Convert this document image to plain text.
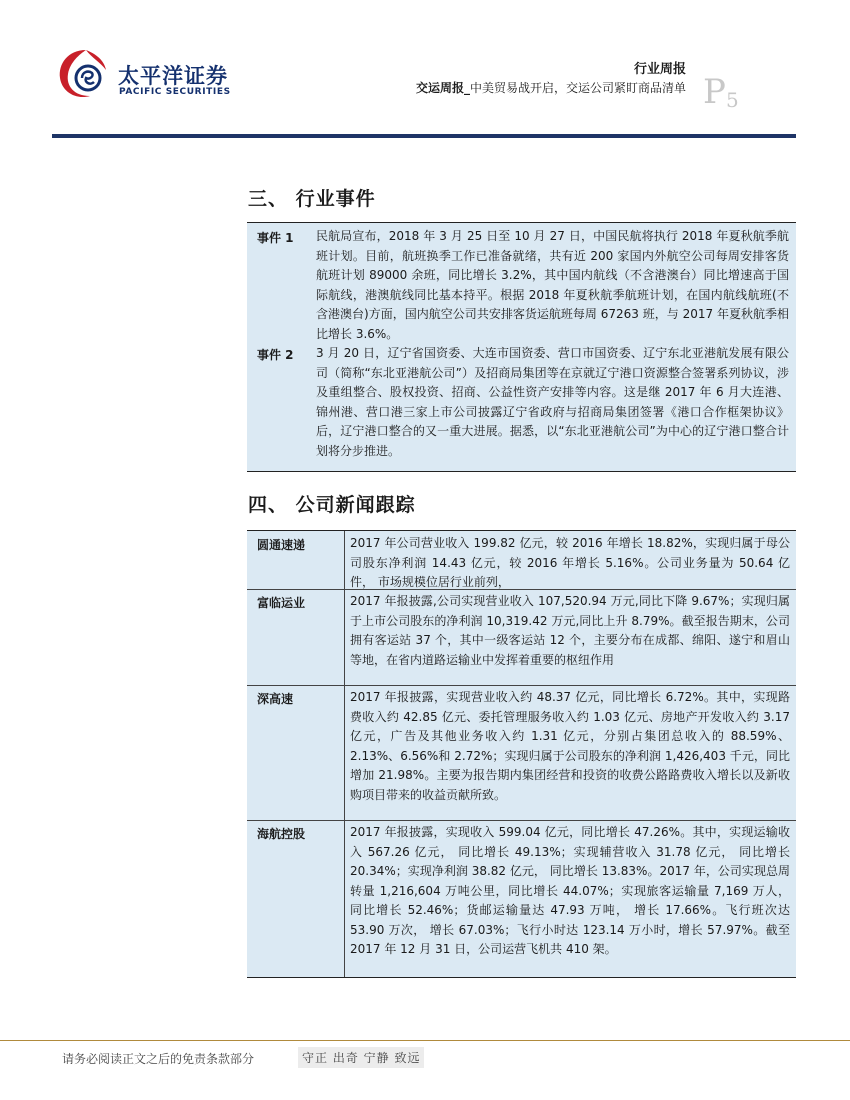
太平洋证券
PACIFIC SECURITIES
行业周报
交运周报_中美贸易战开启，交运公司紧盯商品清单 P 5
三、 行业事件
事件 1 民航局宣布，2018 年 3 月 25 日至 10 月 27 日，中国民航将执行 2018 年夏秋航季航班计划。目前，航班换季工作已准备就绪，共有近 200 家国内外航空公司每周安排客货航班计划 89000 余班，同比增长 3.2%，其中国内航线（不含港澳台）同比增速高于国际航线，港澳航线同比基本持平。根据 2018 年夏秋航季航班计划，在国内航线航班(不含港澳台)方面，国内航空公司共安排客货运航班每周 67263 班，与 2017 年夏秋航季相比增长 3.6%。
事件 2 3 月 20 日，辽宁省国资委、大连市国资委、营口市国资委、辽宁东北亚港航发展有限公司（简称“东北亚港航公司”）及招商局集团等在京就辽宁港口资源整合签署系列协议，涉及重组整合、股权投资、招商、公益性资产安排等内容。这是继 2017 年 6 月大连港、锦州港、营口港三家上市公司披露辽宁省政府与招商局集团签署《港口合作框架协议》后，辽宁港口整合的又一重大进展。据悉，以“东北亚港航公司”为中心的辽宁港口整合计划将分步推进。
四、 公司新闻跟踪
圆通速递	2017 年公司营业收入 199.82 亿元，较 2016 年增长 18.82%，实现归属于母公司股东净利润 14.43 亿元，较 2016 年增长 5.16%。公司业务量为 50.64 亿件， 市场规模位居行业前列，
富临运业	2017 年报披露,公司实现营业收入 107,520.94 万元,同比下降 9.67%；实现归属于上市公司股东的净利润 10,319.42 万元,同比上升 8.79%。截至报告期末，公司拥有客运站 37 个，其中一级客运站 12 个，主要分布在成都、绵阳、遂宁和眉山等地，在省内道路运输业中发挥着重要的枢纽作用
深高速	2017 年报披露，实现营业收入约 48.37 亿元，同比增长 6.72%。其中，实现路费收入约 42.85 亿元、委托管理服务收入约 1.03 亿元、房地产开发收入约 3.17 亿元，广告及其他业务收入约 1.31 亿元，分别占集团总收入的 88.59%、2.13%、6.56%和 2.72%；实现归属于公司股东的净利润 1,426,403 千元，同比增加 21.98%。主要为报告期内集团经营和投资的收费公路路费收入增长以及新收购项目带来的收益贡献所致。
海航控股	2017 年报披露，实现收入 599.04 亿元，同比增长 47.26%。其中，实现运输收入 567.26 亿元， 同比增长 49.13%；实现辅营收入 31.78 亿元， 同比增长 20.34%；实现净利润 38.82 亿元， 同比增长 13.83%。2017 年，公司实现总周转量 1,216,604 万吨公里，同比增长 44.07%；实现旅客运输量 7,169 万人， 同比增长 52.46%；货邮运输量达 47.93 万吨， 增长 17.66%。飞行班次达 53.90 万次， 增长 67.03%；飞行小时达 123.14 万小时，增长 57.97%。截至 2017 年 12 月 31 日，公司运营飞机共 410 架。
请务必阅读正文之后的免责条款部分	守正 出奇 宁静 致远
